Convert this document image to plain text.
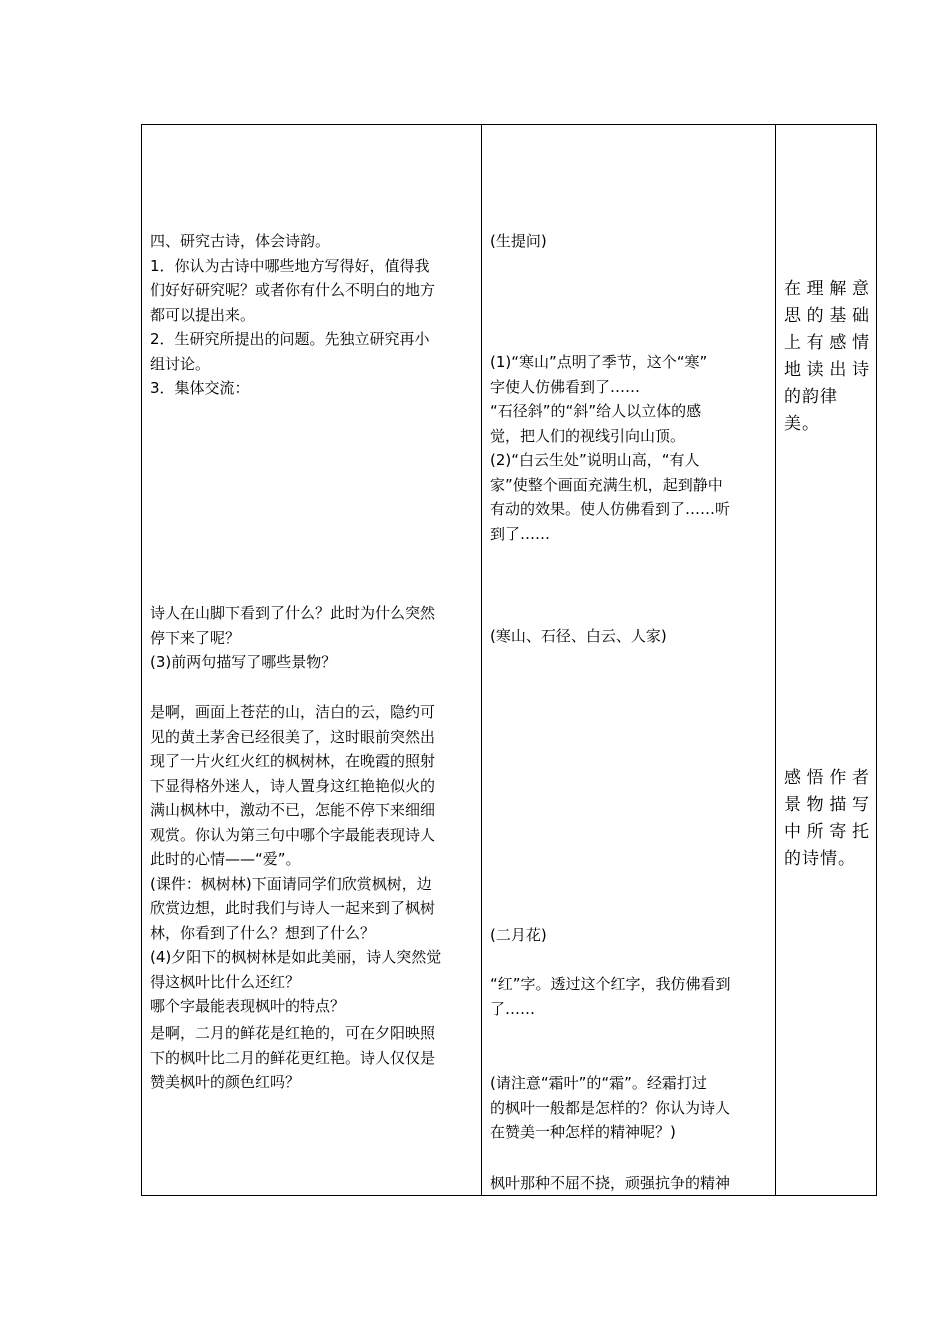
四、研究古诗，体会诗韵。
1．你认为古诗中哪些地方写得好，值得我
们好好研究呢？或者你有什么不明白的地方
都可以提出来。
2．生研究所提出的问题。先独立研究再小
组讨论。
3．集体交流：
诗人在山脚下看到了什么？此时为什么突然
停下来了呢？
(3)前两句描写了哪些景物？
是啊，画面上苍茫的山，洁白的云，隐约可
见的黄土茅舍已经很美了，这时眼前突然出
现了一片火红火红的枫树林，在晚霞的照射
下显得格外迷人，诗人置身这红艳艳似火的
满山枫林中，激动不已，怎能不停下来细细
观赏。你认为第三句中哪个字最能表现诗人
此时的心情——“爱”。
(课件：枫树林)下面请同学们欣赏枫树，边
欣赏边想，此时我们与诗人一起来到了枫树
林，你看到了什么？想到了什么？
(4)夕阳下的枫树林是如此美丽，诗人突然觉
得这枫叶比什么还红？
哪个字最能表现枫叶的特点？
是啊，二月的鲜花是红艳的，可在夕阳映照
下的枫叶比二月的鲜花更红艳。诗人仅仅是
赞美枫叶的颜色红吗？
(生提问)
(1)“寒山”点明了季节，这个“寒”
字使人仿佛看到了……
“石径斜”的“斜”给人以立体的感
觉，把人们的视线引向山顶。
(2)“白云生处”说明山高，“有人
家”使整个画面充满生机，起到静中
有动的效果。使人仿佛看到了……听
到了……
(寒山、石径、白云、人家)
(二月花)
“红”字。透过这个红字，我仿佛看到
了……
(请注意“霜叶”的“霜”。经霜打过
的枫叶一般都是怎样的？你认为诗人
在赞美一种怎样的精神呢？)
枫叶那种不屈不挠，顽强抗争的精神
在理解意
思的基础
上有感情
地读出诗
的韵律
美。
感悟作者
景物描写
中所寄托
的诗情。
